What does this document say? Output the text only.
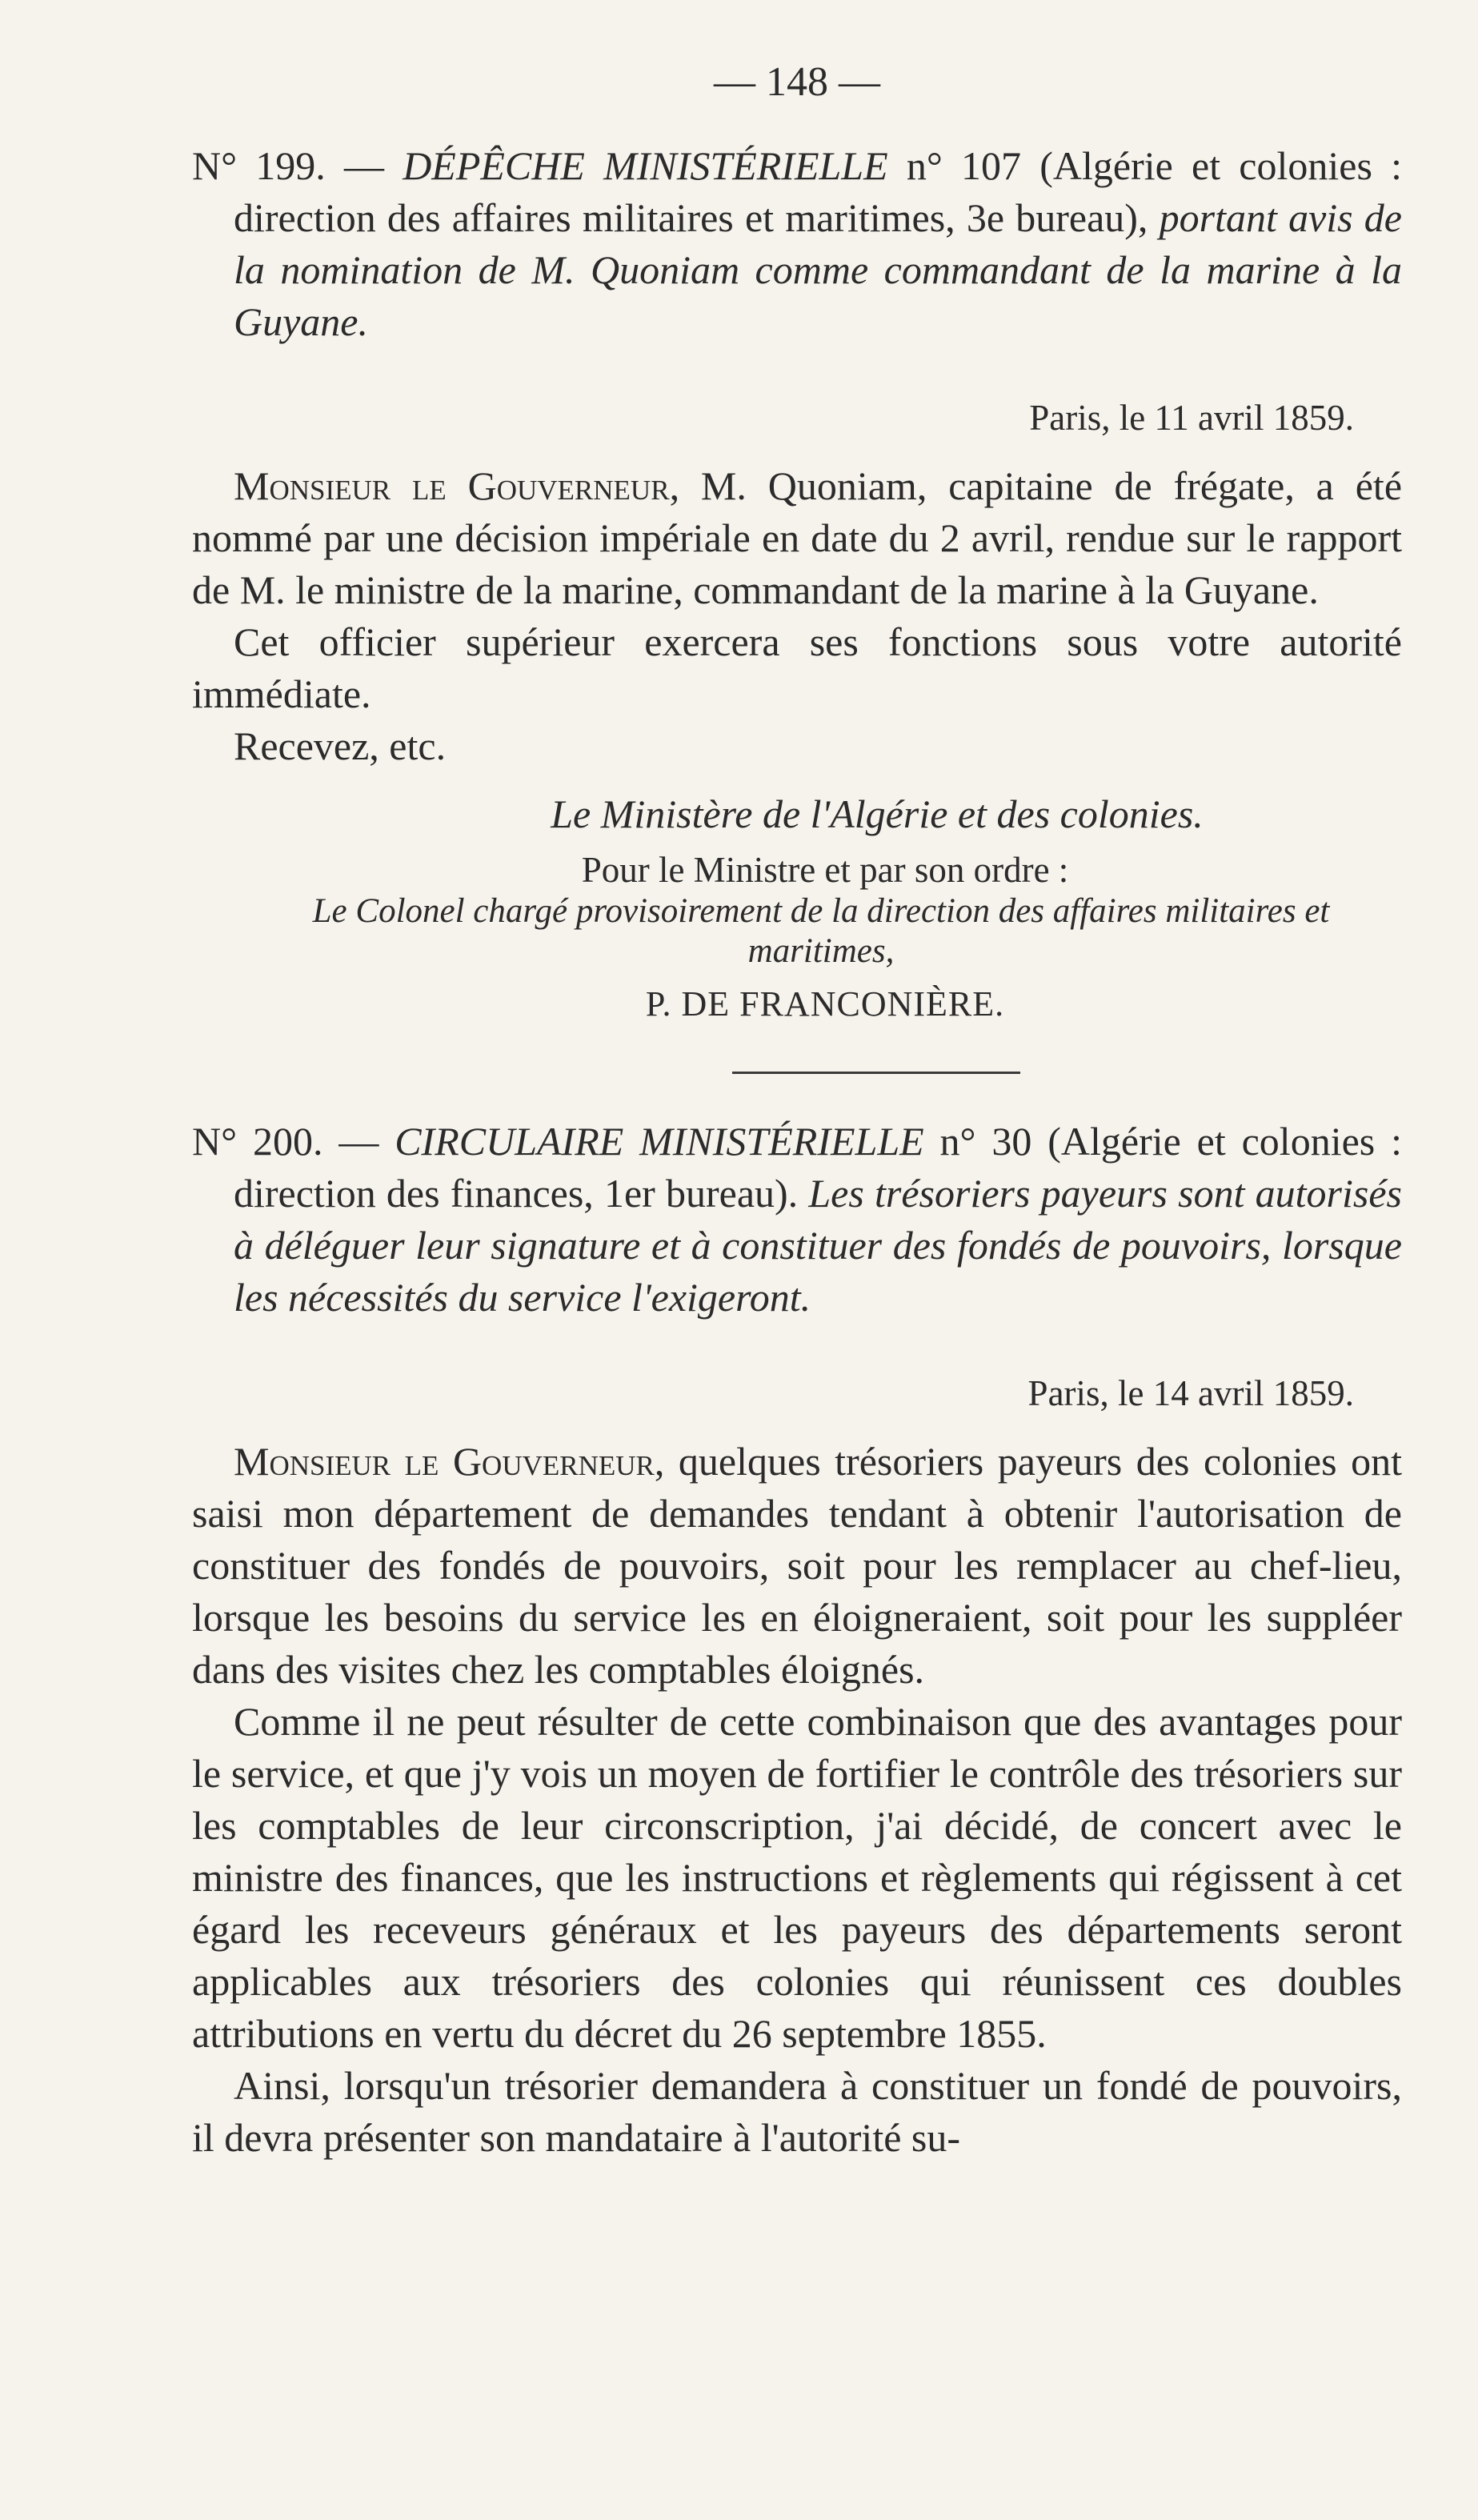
— 148 —

N° 199. — DÉPÊCHE MINISTÉRIELLE n° 107 (Algérie et colonies : direction des affaires militaires et maritimes, 3e bureau), portant avis de la nomination de M. Quoniam comme commandant de la marine à la Guyane.

Paris, le 11 avril 1859.

Monsieur le Gouverneur, M. Quoniam, capitaine de frégate, a été nommé par une décision impériale en date du 2 avril, rendue sur le rapport de M. le ministre de la marine, commandant de la marine à la Guyane.

Cet officier supérieur exercera ses fonctions sous votre autorité immédiate.

Recevez, etc.

Le Ministère de l'Algérie et des colonies.
Pour le Ministre et par son ordre :
Le Colonel chargé provisoirement de la direction des affaires militaires et maritimes,
P. DE FRANCONIÈRE.

N° 200. — CIRCULAIRE MINISTÉRIELLE n° 30 (Algérie et colonies : direction des finances, 1er bureau). Les trésoriers payeurs sont autorisés à déléguer leur signature et à constituer des fondés de pouvoirs, lorsque les nécessités du service l'exigeront.

Paris, le 14 avril 1859.

Monsieur le Gouverneur, quelques trésoriers payeurs des colonies ont saisi mon département de demandes tendant à obtenir l'autorisation de constituer des fondés de pouvoirs, soit pour les remplacer au chef-lieu, lorsque les besoins du service les en éloigneraient, soit pour les suppléer dans des visites chez les comptables éloignés.

Comme il ne peut résulter de cette combinaison que des avantages pour le service, et que j'y vois un moyen de fortifier le contrôle des trésoriers sur les comptables de leur circonscription, j'ai décidé, de concert avec le ministre des finances, que les instructions et règlements qui régissent à cet égard les receveurs généraux et les payeurs des départements seront applicables aux trésoriers des colonies qui réunissent ces doubles attributions en vertu du décret du 26 septembre 1855.

Ainsi, lorsqu'un trésorier demandera à constituer un fondé de pouvoirs, il devra présenter son mandataire à l'autorité su-
